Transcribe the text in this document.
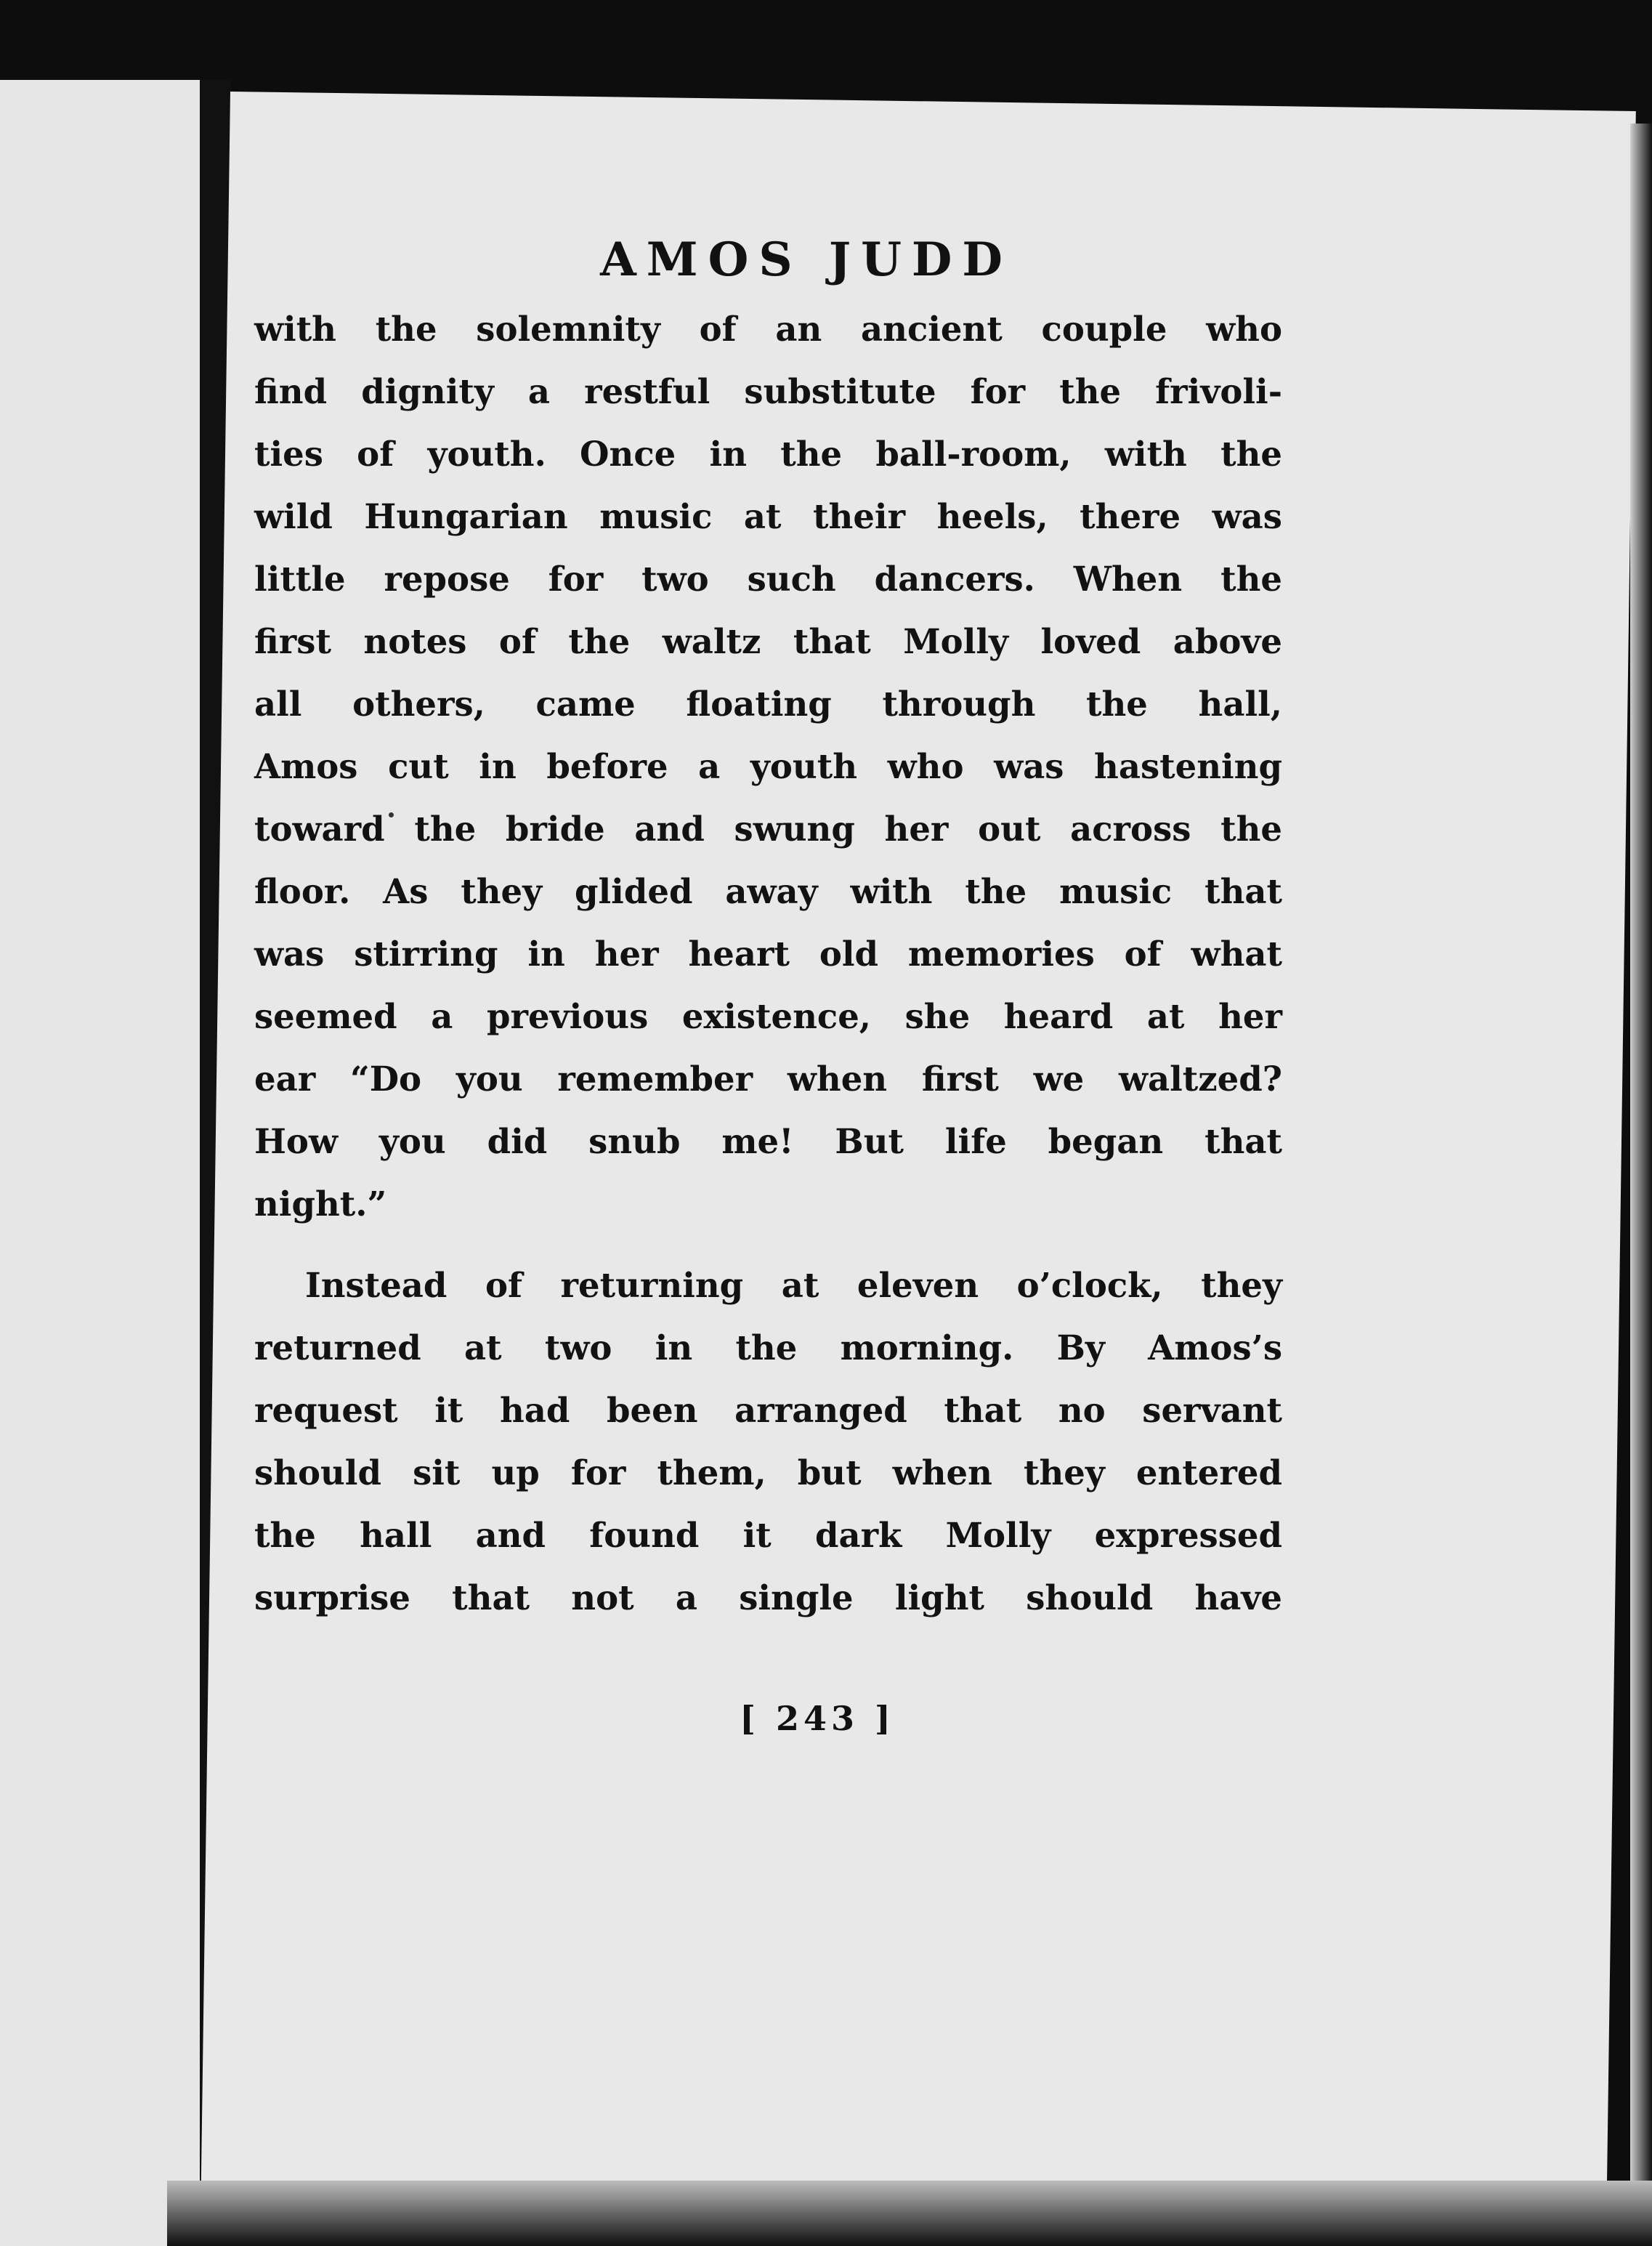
AMOS JUDD
with the solemnity of an ancient couple who
find dignity a restful substitute for the frivoli-
ties of youth. Once in the ball-room, with the
wild Hungarian music at their heels, there was
little repose for two such dancers. When the
first notes of the waltz that Molly loved above
all others, came floating through the hall,
Amos cut in before a youth who was hastening
toward the bride and swung her out across the
floor. As they glided away with the music that
was stirring in her heart old memories of what
seemed a previous existence, she heard at her
ear “Do you remember when first we waltzed?
How you did snub me! But life began that
night.”
Instead of returning at eleven o’clock, they
returned at two in the morning. By Amos’s
request it had been arranged that no servant
should sit up for them, but when they entered
the hall and found it dark Molly expressed
surprise that not a single light should have
[ 243 ]
